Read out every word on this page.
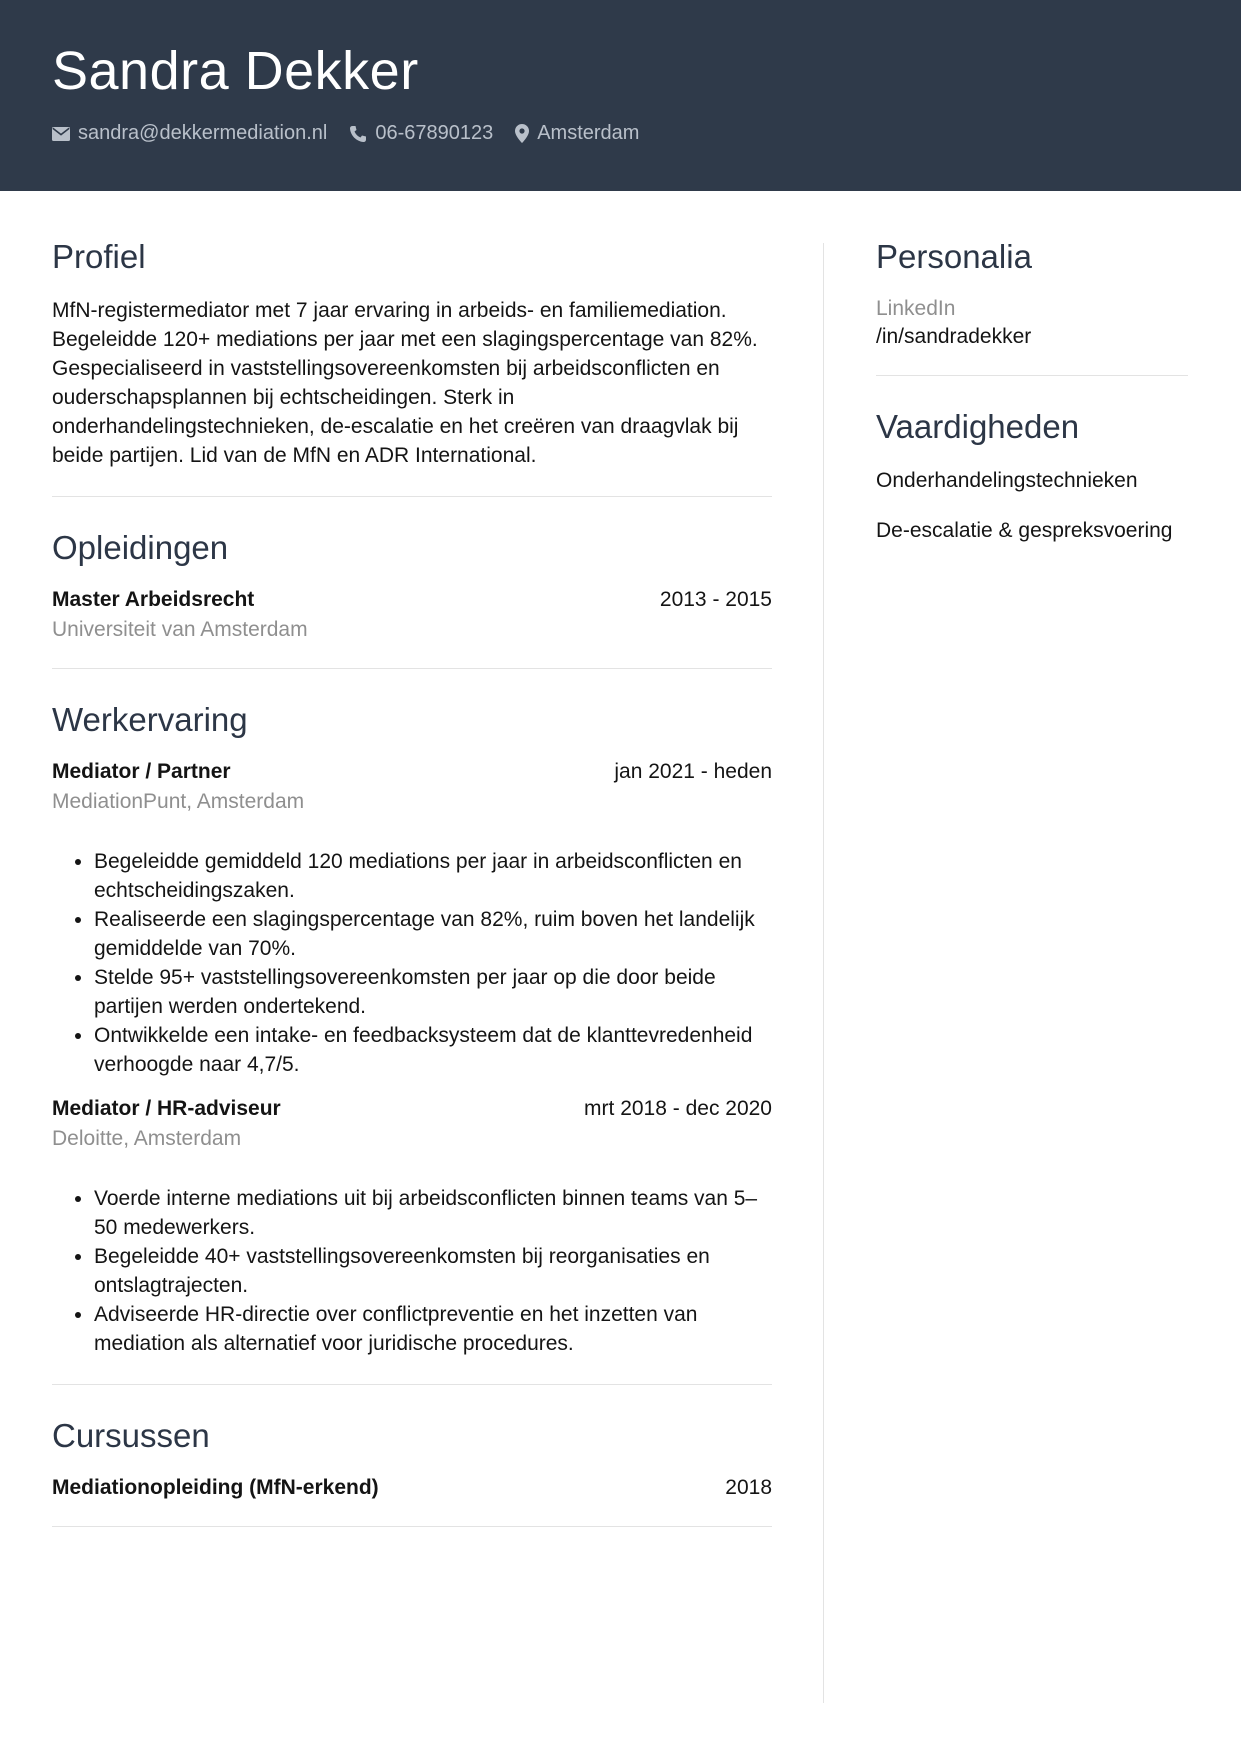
Sandra Dekker
sandra@dekkermediation.nl 06-67890123 Amsterdam
Profiel

MfN-registermediator met 7 jaar ervaring in arbeids- en familiemediation. Begeleidde 120+ mediations per jaar met een slagingspercentage van 82%. Gespecialiseerd in vaststellingsovereenkomsten bij arbeidsconflicten en ouderschapsplannen bij echtscheidingen. Sterk in onderhandelingstechnieken, de-escalatie en het creëren van draagvlak bij beide partijen. Lid van de MfN en ADR International.

Opleidingen
Master Arbeidsrecht	2013 - 2015
Universiteit van Amsterdam
Werkervaring
Mediator / Partner	jan 2021 - heden
MediationPunt, Amsterdam
• Begeleidde gemiddeld 120 mediations per jaar in arbeidsconflicten en echtscheidingszaken.
• Realiseerde een slagingspercentage van 82%, ruim boven het landelijk gemiddelde van 70%.
• Stelde 95+ vaststellingsovereenkomsten per jaar op die door beide partijen werden ondertekend.
• Ontwikkelde een intake- en feedbacksysteem dat de klanttevredenheid verhoogde naar 4,7/5.
Mediator / HR-adviseur	mrt 2018 - dec 2020
Deloitte, Amsterdam
• Voerde interne mediations uit bij arbeidsconflicten binnen teams van 5–50 medewerkers.
• Begeleidde 40+ vaststellingsovereenkomsten bij reorganisaties en ontslagtrajecten.
• Adviseerde HR-directie over conflictpreventie en het inzetten van mediation als alternatief voor juridische procedures.
Cursussen
Mediationopleiding (MfN-erkend)	2018
Personalia
LinkedIn
/in/sandradekker
Vaardigheden
Onderhandelingstechnieken
De-escalatie & gespreksvoering
